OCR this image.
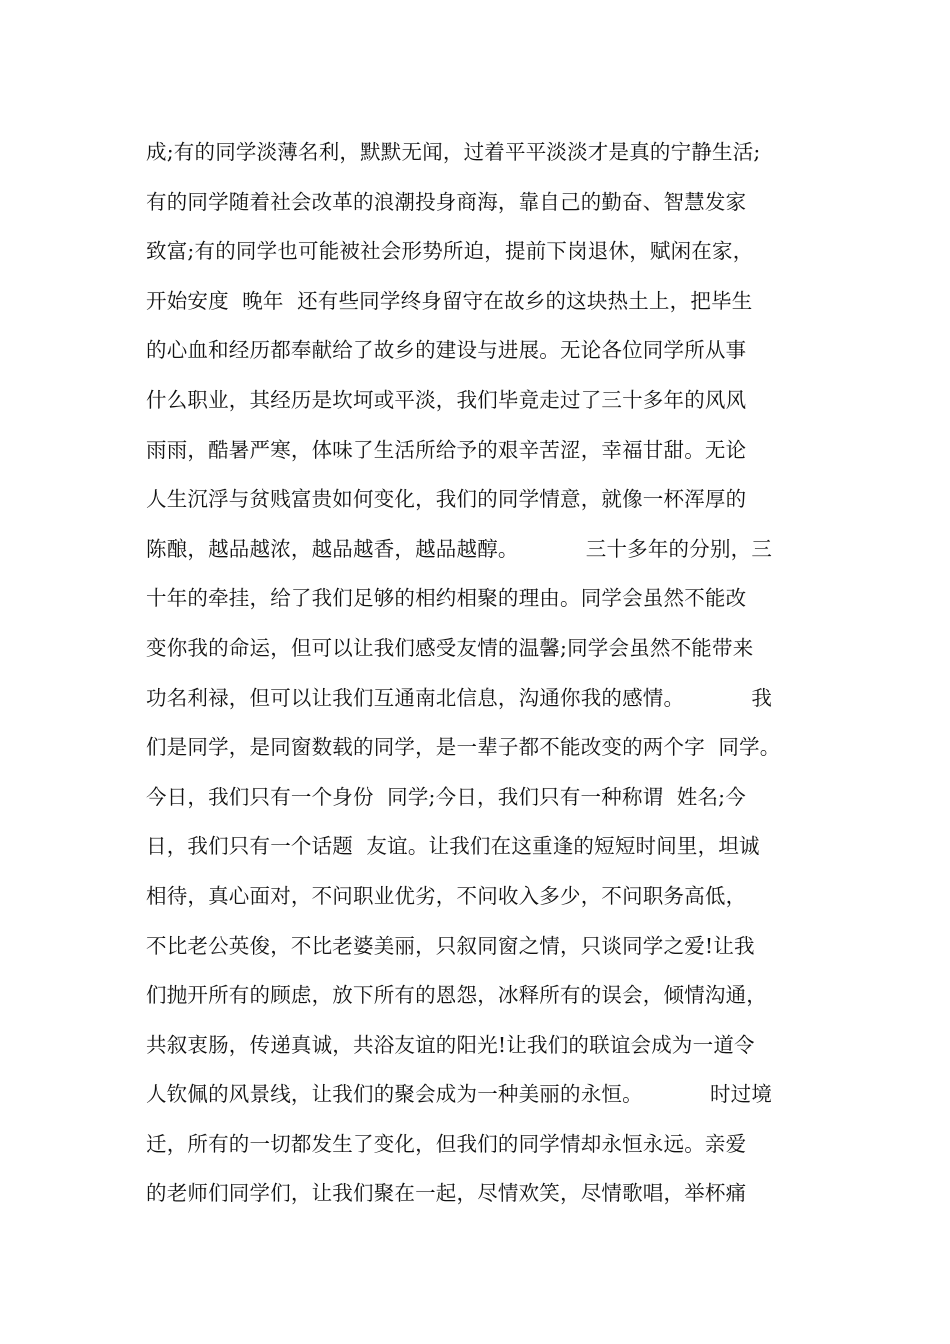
成;有的同学淡薄名利，默默无闻，过着平平淡淡才是真的宁静生活;
有的同学随着社会改革的浪潮投身商海，靠自己的勤奋、智慧发家
致富;有的同学也可能被社会形势所迫，提前下岗退休，赋闲在家，
开始安度  晚年  还有些同学终身留守在故乡的这块热土上，把毕生
的心血和经历都奉献给了故乡的建设与进展。无论各位同学所从事
什么职业，其经历是坎坷或平淡，我们毕竟走过了三十多年的风风
雨雨，酷暑严寒，体味了生活所给予的艰辛苦涩，幸福甘甜。无论
人生沉浮与贫贱富贵如何变化，我们的同学情意，就像一杯浑厚的
陈酿，越品越浓，越品越香，越品越醇。          三十多年的分别，三
十年的牵挂，给了我们足够的相约相聚的理由。同学会虽然不能改
变你我的命运，但可以让我们感受友情的温馨;同学会虽然不能带来
功名利禄，但可以让我们互通南北信息，沟通你我的感情。          我
们是同学，是同窗数载的同学，是一辈子都不能改变的两个字  同学。
今日，我们只有一个身份  同学;今日，我们只有一种称谓  姓名;今
日，我们只有一个话题  友谊。让我们在这重逢的短短时间里，坦诚
相待，真心面对，不问职业优劣，不问收入多少，不问职务高低，
不比老公英俊，不比老婆美丽，只叙同窗之情，只谈同学之爱!让我
们抛开所有的顾虑，放下所有的恩怨，冰释所有的误会，倾情沟通，
共叙衷肠，传递真诚，共浴友谊的阳光!让我们的联谊会成为一道令
人钦佩的风景线，让我们的聚会成为一种美丽的永恒。          时过境
迁，所有的一切都发生了变化，但我们的同学情却永恒永远。亲爱
的老师们同学们，让我们聚在一起，尽情欢笑，尽情歌唱，举杯痛
